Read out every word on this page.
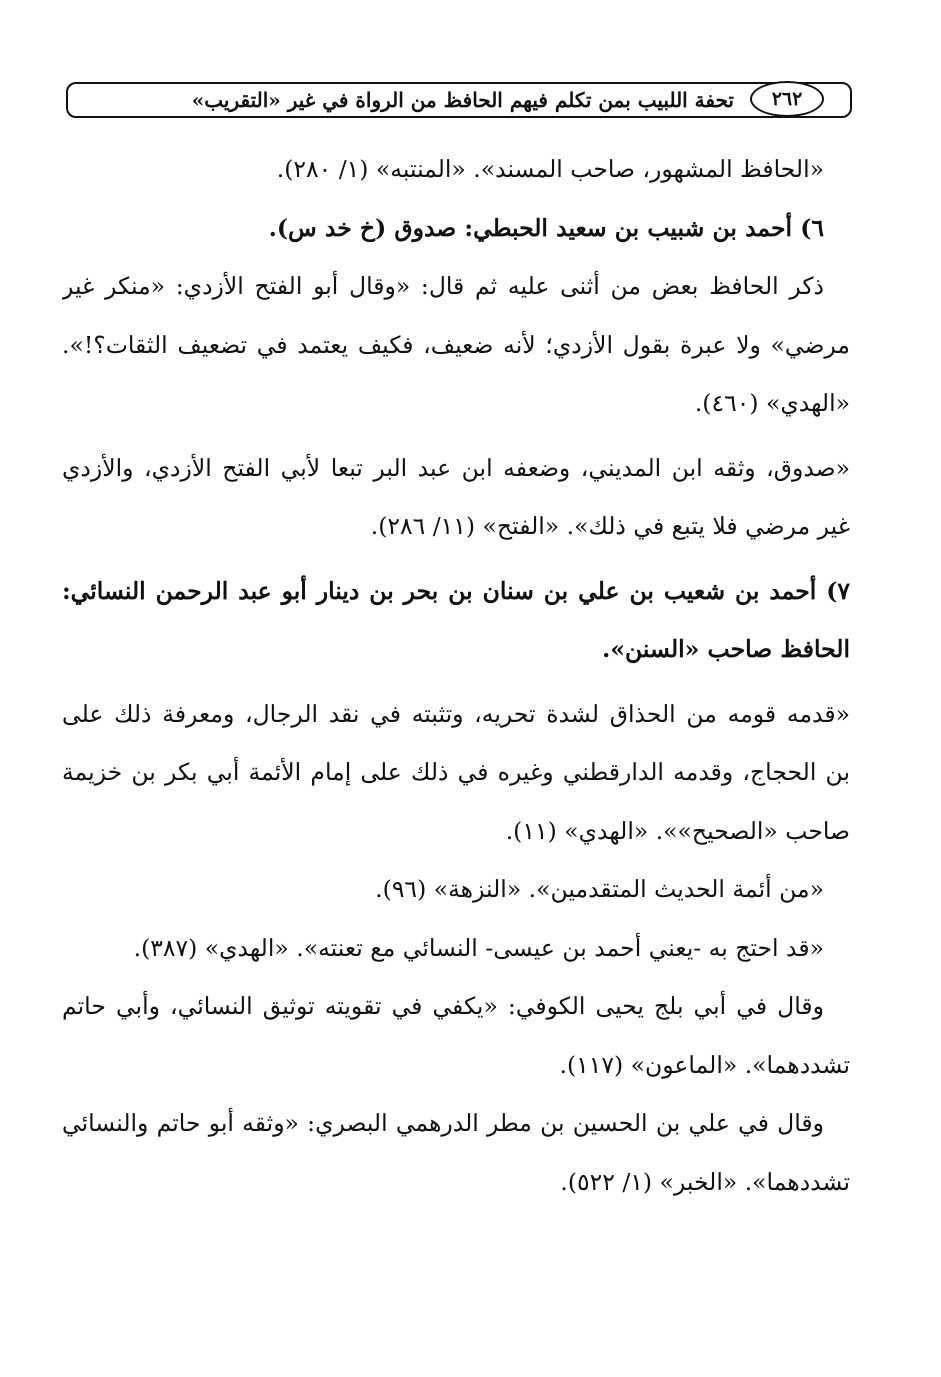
٢٦٢
تحفة اللبيب بمن تكلم فيهم الحافظ من الرواة في غير «التقريب»
«الحافظ المشهور، صاحب المسند». «المنتبه» (١/ ٢٨٠).
٦) أحمد بن شبيب بن سعيد الحبطي: صدوق (خ خد س).
ذكر الحافظ بعض من أثنى عليه ثم قال: «وقال أبو الفتح الأزدي: «منكر غير
مرضي» ولا عبرة بقول الأزدي؛ لأنه ضعيف، فكيف يعتمد في تضعيف الثقات؟!».
«الهدي» (٤٦٠).
«صدوق، وثقه ابن المديني، وضعفه ابن عبد البر تبعا لأبي الفتح الأزدي، والأزدي
غير مرضي فلا يتبع في ذلك». «الفتح» (١١/ ٢٨٦).
٧) أحمد بن شعيب بن علي بن سنان بن بحر بن دينار أبو عبد الرحمن النسائي:
الحافظ صاحب «السنن».
«قدمه قومه من الحذاق لشدة تحريه، وتثبته في نقد الرجال، ومعرفة ذلك على
بن الحجاج، وقدمه الدارقطني وغيره في ذلك على إمام الأئمة أبي بكر بن خزيمة
صاحب «الصحيح»». «الهدي» (١١).
«من أئمة الحديث المتقدمين». «النزهة» (٩٦).
«قد احتج به -يعني أحمد بن عيسى- النسائي مع تعنته». «الهدي» (٣٨٧).
وقال في أبي بلج يحيى الكوفي: «يكفي في تقويته توثيق النسائي، وأبي حاتم
تشددهما». «الماعون» (١١٧).
وقال في علي بن الحسين بن مطر الدرهمي البصري: «وثقه أبو حاتم والنسائي
تشددهما». «الخبر» (١/ ٥٢٢).
